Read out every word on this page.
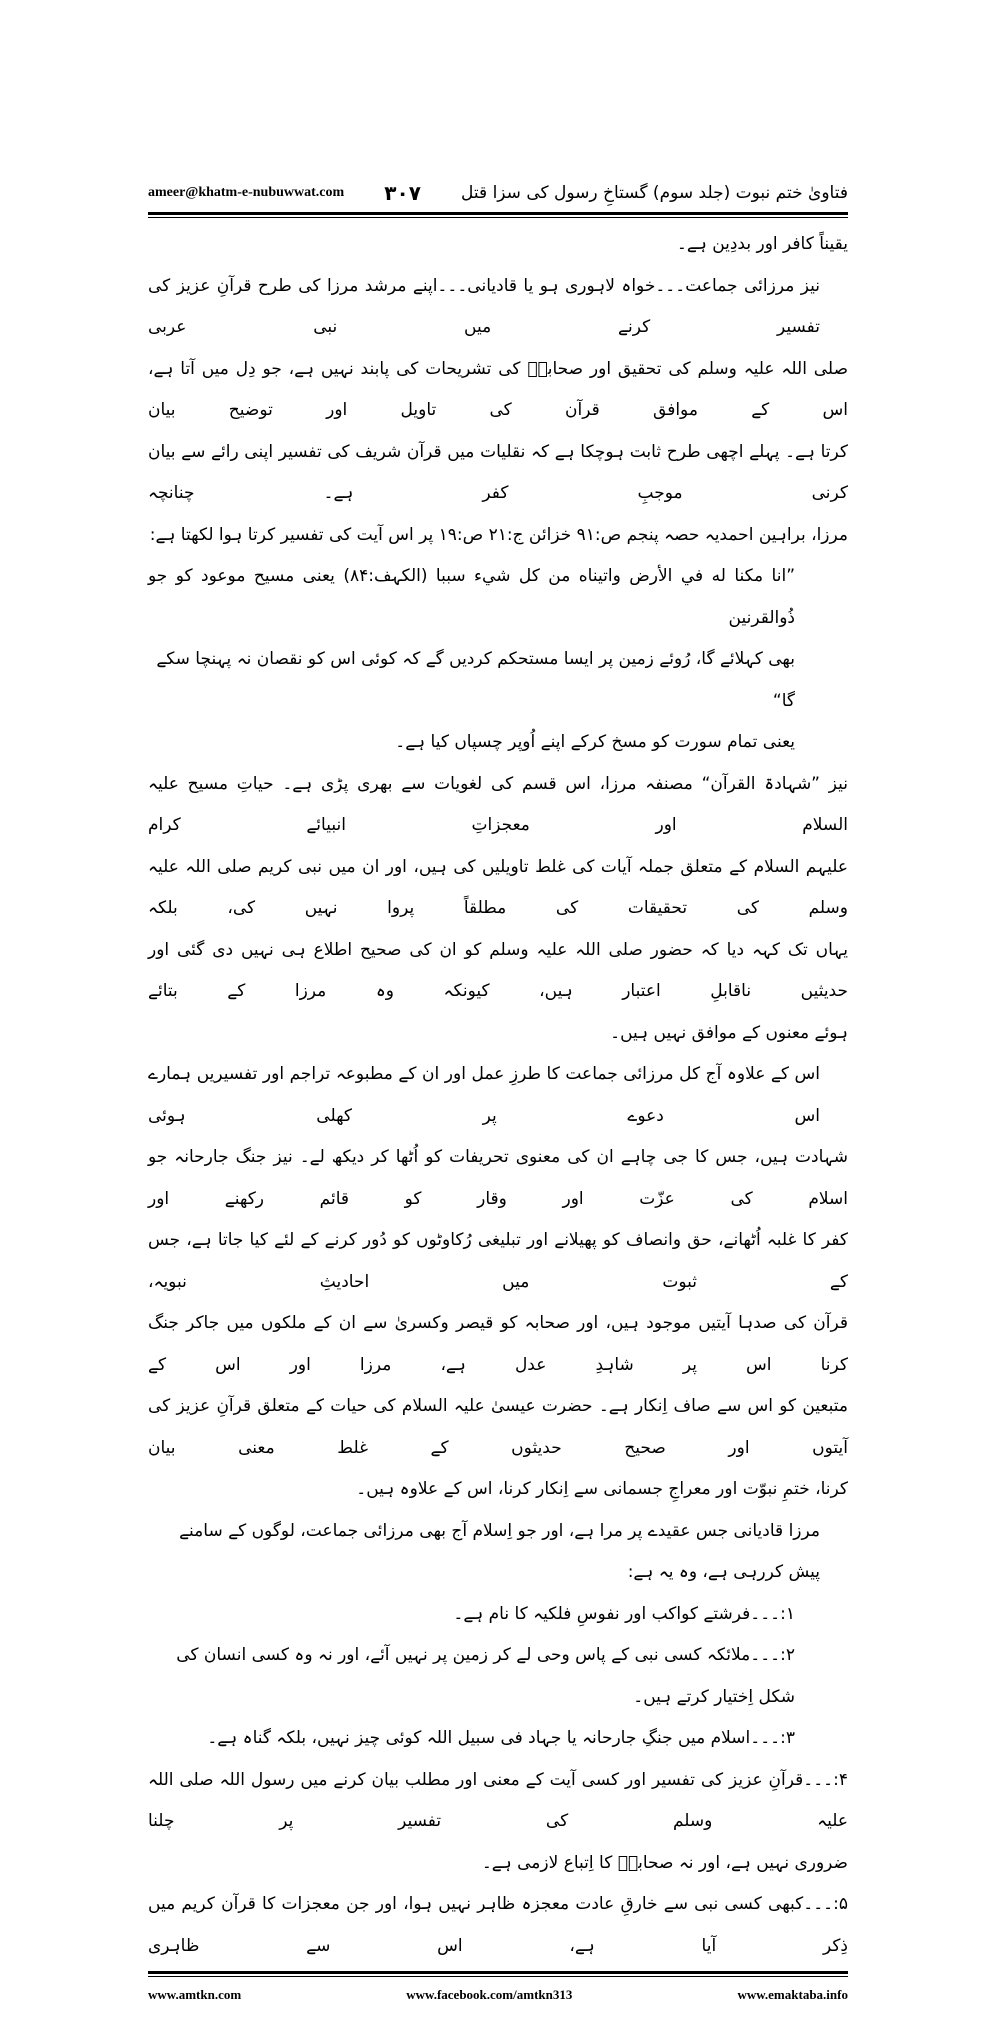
ameer@khatm-e-nubuwwat.com ۳۰۷ فتاویٰ ختم نبوت (جلد سوم) گستاخِ رسول کی سزا قتل
یقیناً کافر اور بددِین ہے۔
نیز مرزائی جماعت۔۔۔خواہ لاہوری ہو یا قادیانی۔۔۔اپنے مرشد مرزا کی طرح قرآنِ عزیز کی تفسیر کرنے میں نبی عربی
صلی اللہ علیہ وسلم کی تحقیق اور صحابہؓ کی تشریحات کی پابند نہیں ہے، جو دِل میں آتا ہے، اس کے موافق قرآن کی تاویل اور توضیح بیان
کرتا ہے۔ پہلے اچھی طرح ثابت ہوچکا ہے کہ نقلیات میں قرآن شریف کی تفسیر اپنی رائے سے بیان کرنی موجبِ کفر ہے۔ چنانچہ
مرزا، براہین احمدیہ حصہ پنجم ص:۹۱ خزائن ج:۲۱ ص:۱۹ پر اس آیت کی تفسیر کرتا ہوا لکھتا ہے:
”انا مکنا له في الأرض واتيناه من كل شيء سببا (الکہف:۸۴) یعنی مسیح موعود کو جو ذُوالقرنین
بھی کہلائے گا، رُوئے زمین پر ایسا مستحکم کردیں گے کہ کوئی اس کو نقصان نہ پہنچا سکے گا“
یعنی تمام سورت کو مسخ کرکے اپنے اُوپر چسپاں کیا ہے۔
نیز ”شہادۃ القرآن“ مصنفہ مرزا، اس قسم کی لغویات سے بھری پڑی ہے۔ حیاتِ مسیح علیہ السلام اور معجزاتِ انبیائے کرام
علیہم السلام کے متعلق جملہ آیات کی غلط تاویلیں کی ہیں، اور ان میں نبی کریم صلی اللہ علیہ وسلم کی تحقیقات کی مطلقاً پروا نہیں کی، بلکہ
یہاں تک کہہ دیا کہ حضور صلی اللہ علیہ وسلم کو ان کی صحیح اطلاع ہی نہیں دی گئی اور حدیثیں ناقابلِ اعتبار ہیں، کیونکہ وہ مرزا کے بتائے
ہوئے معنوں کے موافق نہیں ہیں۔
اس کے علاوہ آج کل مرزائی جماعت کا طرزِ عمل اور ان کے مطبوعہ تراجم اور تفسیریں ہمارے اس دعوے پر کھلی ہوئی
شہادت ہیں، جس کا جی چاہے ان کی معنوی تحریفات کو اُٹھا کر دیکھ لے۔ نیز جنگ جارحانہ جو اسلام کی عزّت اور وقار کو قائم رکھنے اور
کفر کا غلبہ اُٹھانے، حق وانصاف کو پھیلانے اور تبلیغی رُکاوٹوں کو دُور کرنے کے لئے کیا جاتا ہے، جس کے ثبوت میں احادیثِ نبویہ،
قرآن کی صدہا آیتیں موجود ہیں، اور صحابہ کو قیصر وکسریٰ سے ان کے ملکوں میں جاکر جنگ کرنا اس پر شاہدِ عدل ہے، مرزا اور اس کے
متبعین کو اس سے صاف اِنکار ہے۔ حضرت عیسیٰ علیہ السلام کی حیات کے متعلق قرآنِ عزیز کی آیتوں اور صحیح حدیثوں کے غلط معنی بیان
کرنا، ختمِ نبوّت اور معراجِ جسمانی سے اِنکار کرنا، اس کے علاوہ ہیں۔
مرزا قادیانی جس عقیدے پر مرا ہے، اور جو اِسلام آج بھی مرزائی جماعت، لوگوں کے سامنے پیش کررہی ہے، وہ یہ ہے:
۱:۔۔۔فرشتے کواکب اور نفوسِ فلکیہ کا نام ہے۔
۲:۔۔۔ملائکہ کسی نبی کے پاس وحی لے کر زمین پر نہیں آئے، اور نہ وہ کسی انسان کی شکل اِختیار کرتے ہیں۔
۳:۔۔۔اسلام میں جنگِ جارحانہ یا جہاد فی سبیل اللہ کوئی چیز نہیں، بلکہ گناہ ہے۔
۴:۔۔۔قرآنِ عزیز کی تفسیر اور کسی آیت کے معنی اور مطلب بیان کرنے میں رسول اللہ صلی اللہ علیہ وسلم کی تفسیر پر چلنا
ضروری نہیں ہے، اور نہ صحابہؓ کا اِتباع لازمی ہے۔
۵:۔۔۔کبھی کسی نبی سے خارقِ عادت معجزہ ظاہر نہیں ہوا، اور جن معجزات کا قرآن کریم میں ذِکر آیا ہے، اس سے ظاہری
www.amtkn.com	www.facebook.com/amtkn313	www.emaktaba.info
